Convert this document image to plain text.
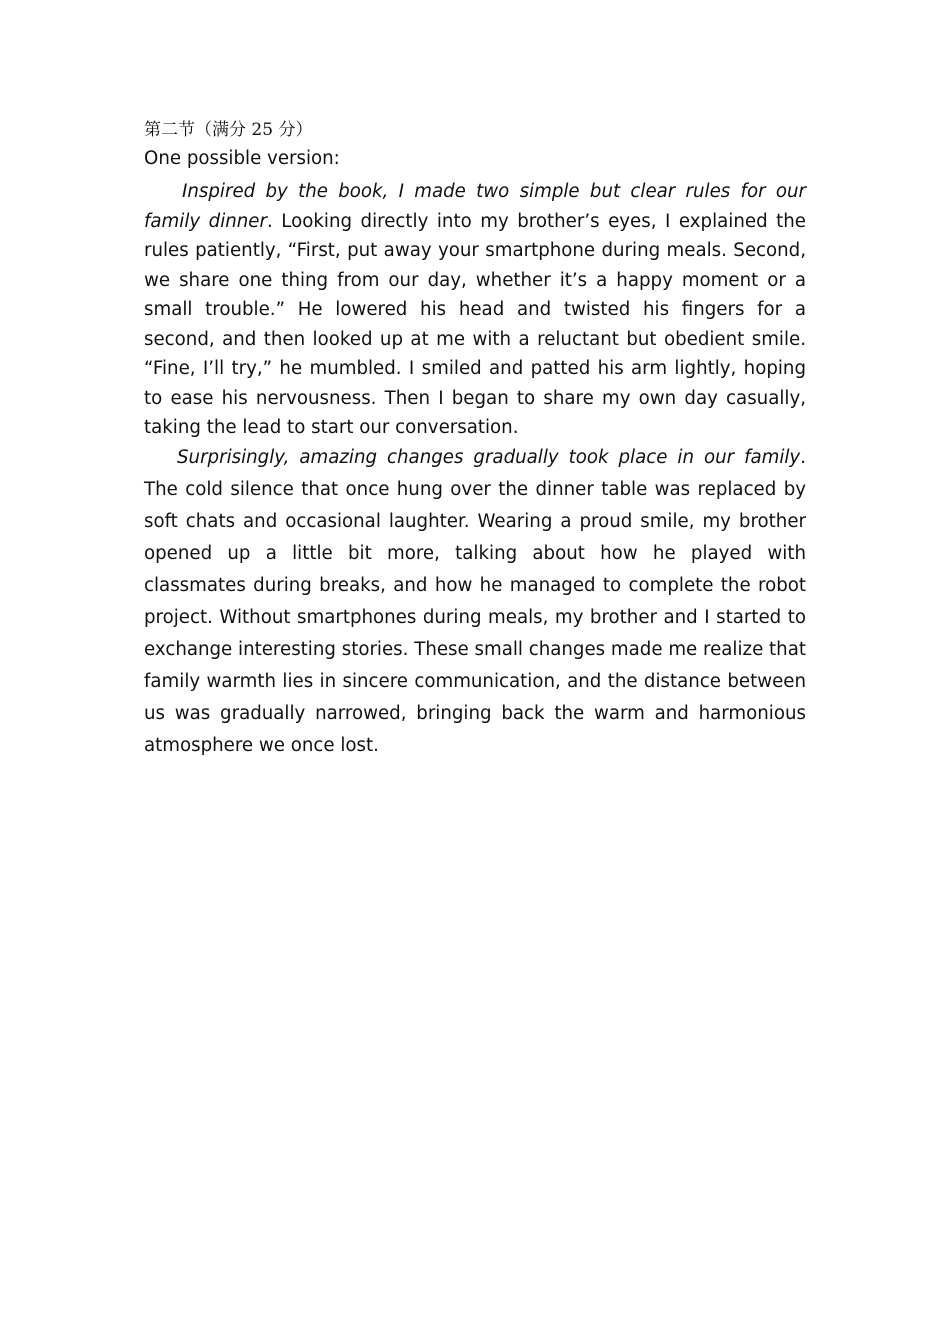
第二节（满分 25 分）

One possible version:

Inspired by the book, I made two simple but clear rules for our family dinner. Looking directly into my brother’s eyes, I explained the rules patiently, “First, put away your smartphone during meals. Second, we share one thing from our day, whether it’s a happy moment or a small trouble.” He lowered his head and twisted his fingers for a second, and then looked up at me with a reluctant but obedient smile. “Fine, I’ll try,” he mumbled. I smiled and patted his arm lightly, hoping to ease his nervousness. Then I began to share my own day casually, taking the lead to start our conversation.

Surprisingly, amazing changes gradually took place in our family. The cold silence that once hung over the dinner table was replaced by soft chats and occasional laughter. Wearing a proud smile, my brother opened up a little bit more, talking about how he played with classmates during breaks, and how he managed to complete the robot project. Without smartphones during meals, my brother and I started to exchange interesting stories. These small changes made me realize that family warmth lies in sincere communication, and the distance between us was gradually narrowed, bringing back the warm and harmonious atmosphere we once lost.
